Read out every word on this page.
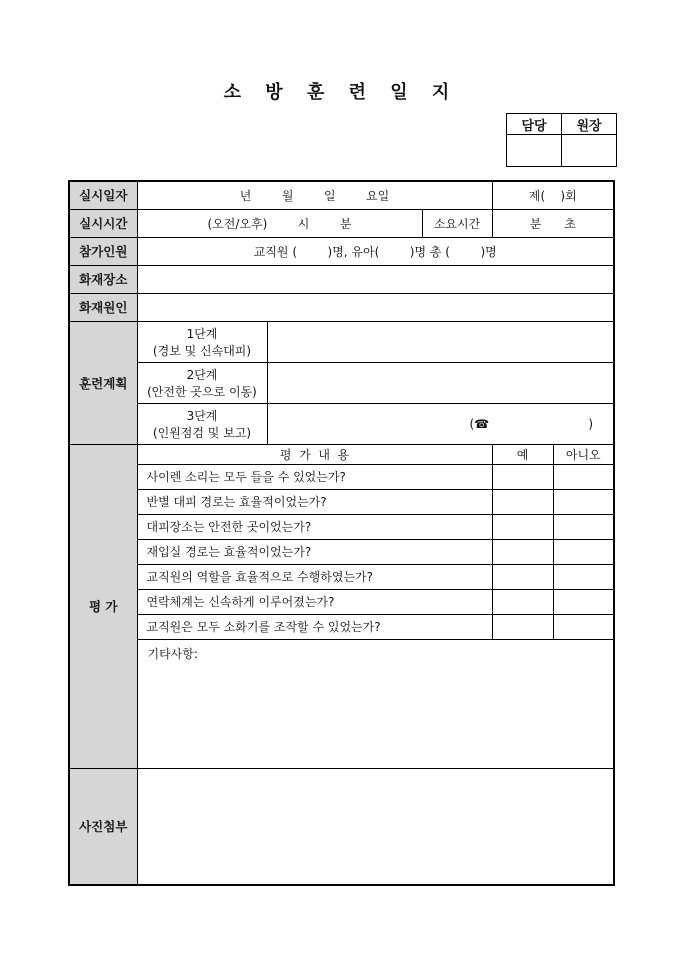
소 방 훈 련 일 지
담당	원장

실시일자	년        월        일        요일			제(    )회	
실시시간	(오전/오후)        시        분		소요시간	분      초	
참가인원	교직원 (        )명, 유아(        )명 총 (        )명				
화재장소					
화재원인					
훈련계획	1단계
(경보 및 신속대피)				

	2단계
(안전한 곳으로 이동)				

	3단계
(인원점검 및 보고)	(☎                          )			
평 가	평  가  내  용			예	아니오
	사이렌 소리는 모두 들을 수 있었는가?				
	반별 대피 경로는 효율적이었는가?				
	대피장소는 안전한 곳이었는가?				
	재입실 경로는 효율적이었는가?				
	교직원의 역할을 효율적으로 수행하였는가?				
	연락체계는 신속하게 이루어졌는가?				
	교직원은 모두 소화기를 조작할 수 있었는가?				
	기타사항:				
사진첨부					
